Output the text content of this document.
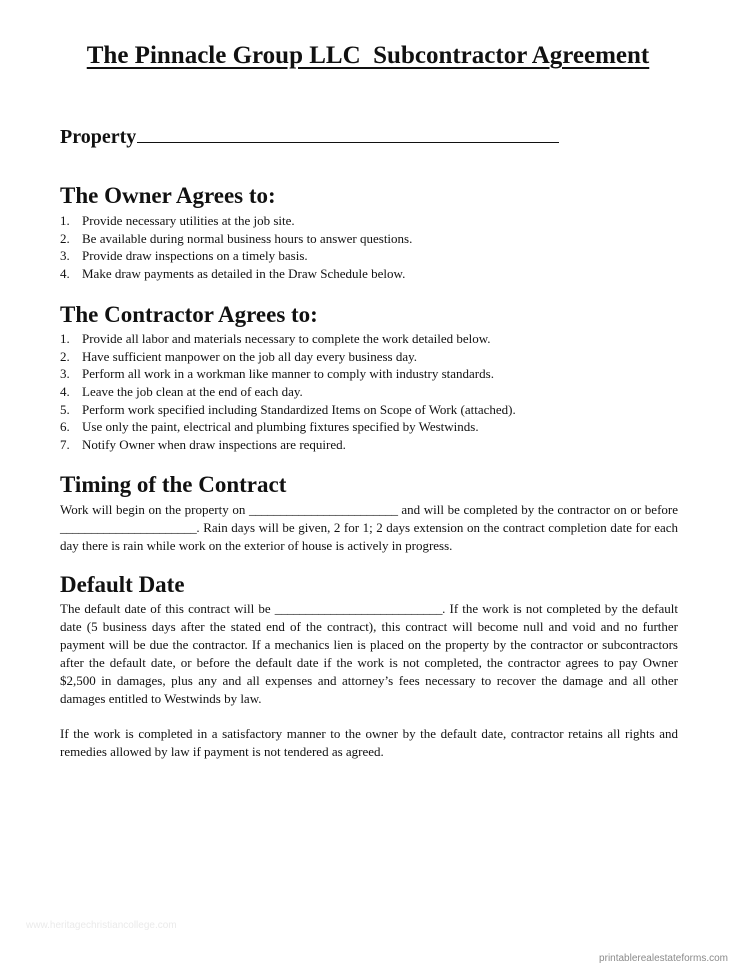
The Pinnacle Group LLC  Subcontractor Agreement
Property
The Owner Agrees to:
1. Provide necessary utilities at the job site.
2. Be available during normal business hours to answer questions.
3. Provide draw inspections on a timely basis.
4. Make draw payments as detailed in the Draw Schedule below.
The Contractor Agrees to:
1. Provide all labor and materials necessary to complete the work detailed below.
2. Have sufficient manpower on the job all day every business day.
3. Perform all work in a workman like manner to comply with industry standards.
4. Leave the job clean at the end of each day.
5. Perform work specified including Standardized Items on Scope of Work (attached).
6. Use only the paint, electrical and plumbing fixtures specified by Westwinds.
7. Notify Owner when draw inspections are required.
Timing of the Contract

Work will begin on the property on ________________________ and will be completed by the contractor on or before ______________________. Rain days will be given, 2 for 1; 2 days extension on the contract completion date for each day there is rain while work on the exterior of house is actively in progress.

Default Date

The default date of this contract will be ___________________________. If the work is not completed by the default date (5 business days after the stated end of the contract), this contract will become null and void and no further payment will be due the contractor. If a mechanics lien is placed on the property by the contractor or subcontractors after the default date, or before the default date if the work is not completed, the contractor agrees to pay Owner $2,500 in damages, plus any and all expenses and attorney’s fees necessary to recover the damage and all other damages entitled to Westwinds by law.

If the work is completed in a satisfactory manner to the owner by the default date, contractor retains all rights and remedies allowed by law if payment is not tendered as agreed.

www.heritagechristiancollege.com
printablerealestateforms.com
